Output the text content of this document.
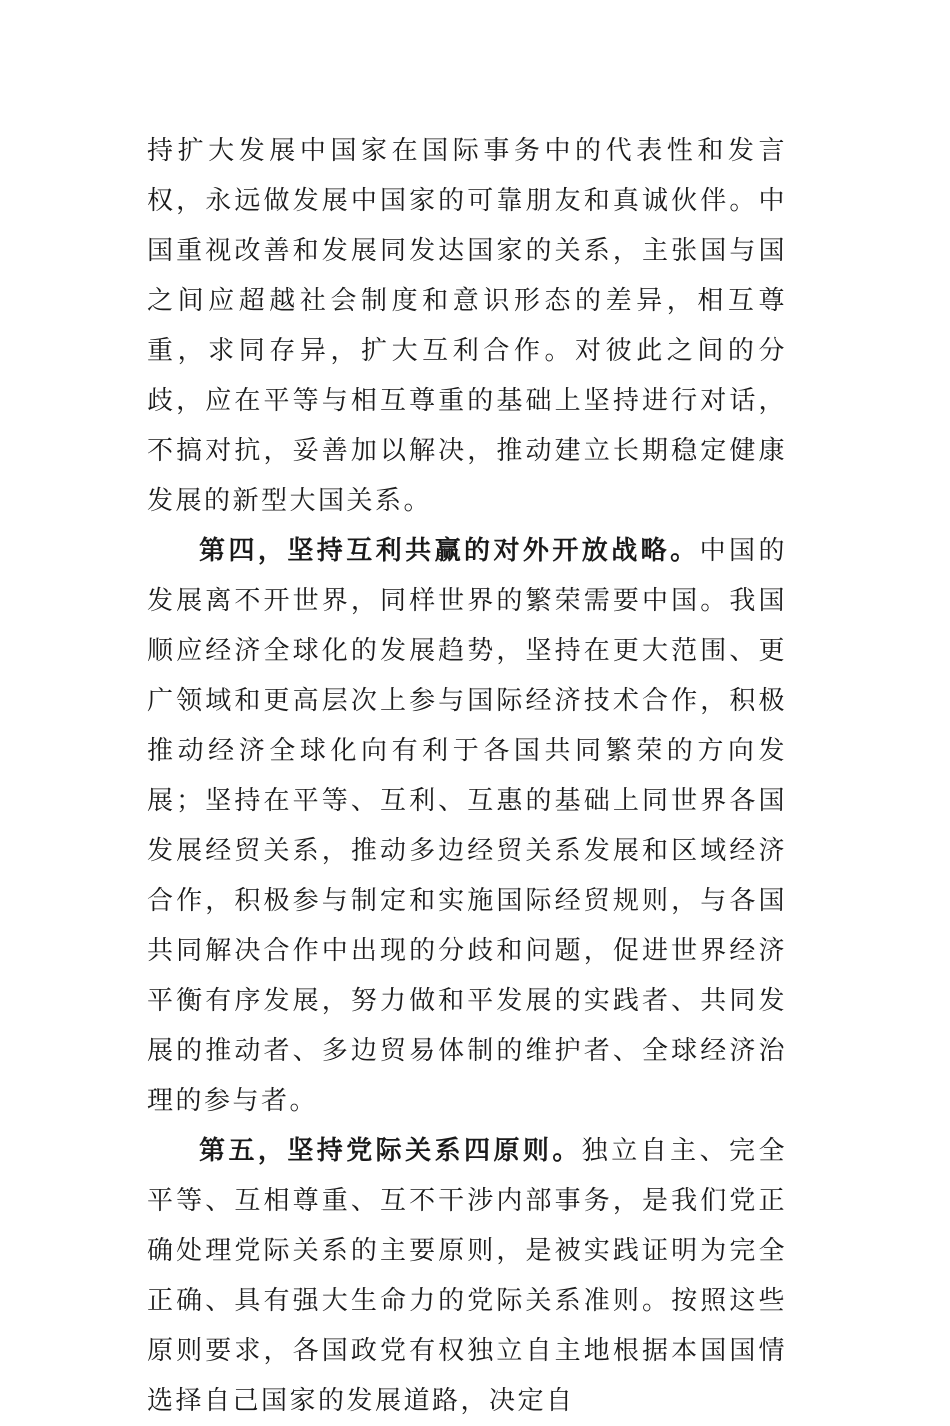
持扩大发展中国家在国际事务中的代表性和发言权，永远做发展中国家的可靠朋友和真诚伙伴。中国重视改善和发展同发达国家的关系，主张国与国之间应超越社会制度和意识形态的差异，相互尊重，求同存异，扩大互利合作。对彼此之间的分歧，应在平等与相互尊重的基础上坚持进行对话，不搞对抗，妥善加以解决，推动建立长期稳定健康发展的新型大国关系。

第四，坚持互利共赢的对外开放战略。中国的发展离不开世界，同样世界的繁荣需要中国。我国顺应经济全球化的发展趋势，坚持在更大范围、更广领域和更高层次上参与国际经济技术合作，积极推动经济全球化向有利于各国共同繁荣的方向发展；坚持在平等、互利、互惠的基础上同世界各国发展经贸关系，推动多边经贸关系发展和区域经济合作，积极参与制定和实施国际经贸规则，与各国共同解决合作中出现的分歧和问题，促进世界经济平衡有序发展，努力做和平发展的实践者、共同发展的推动者、多边贸易体制的维护者、全球经济治理的参与者。

第五，坚持党际关系四原则。独立自主、完全平等、互相尊重、互不干涉内部事务，是我们党正确处理党际关系的主要原则，是被实践证明为完全正确、具有强大生命力的党际关系准则。按照这些原则要求，各国政党有权独立自主地根据本国国情选择自己国家的发展道路，决定自
